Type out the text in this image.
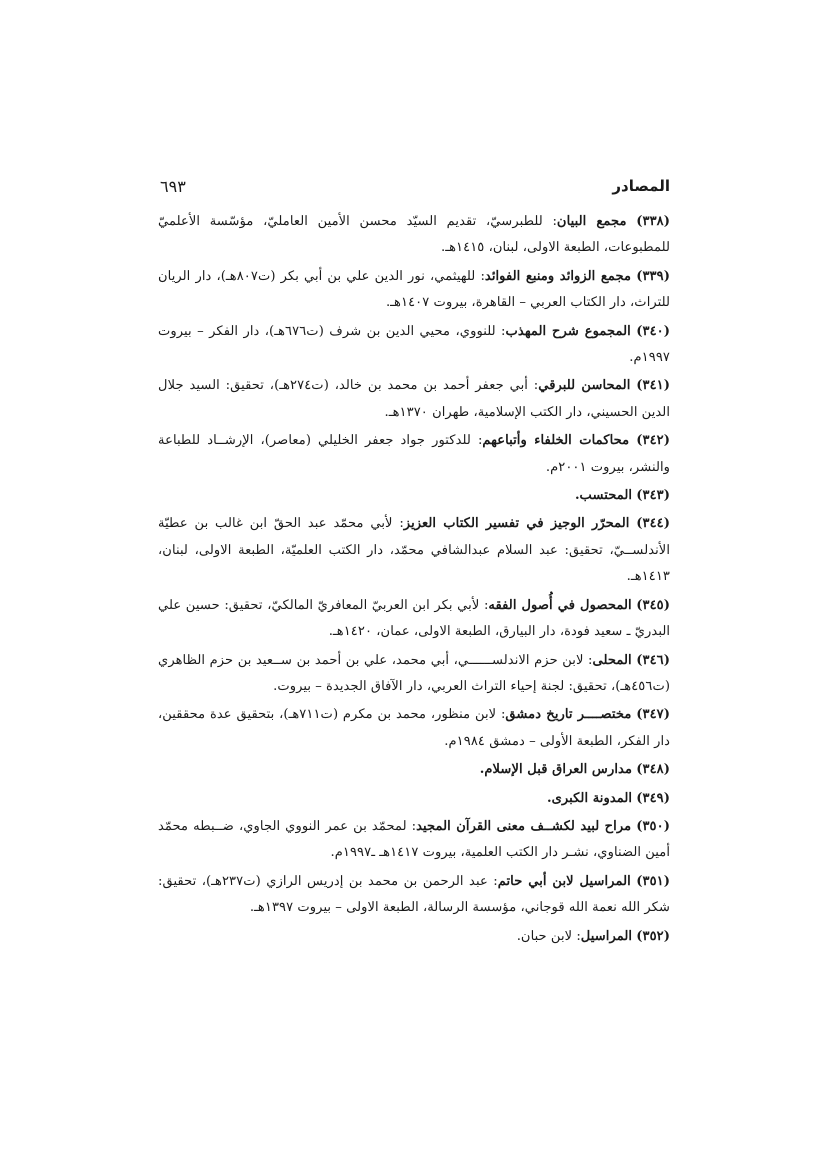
المصادر
٦٩٣

(٣٣٨) مجمع البيان: للطبرسيّ، تقديم السيّد محسن الأمين العامليّ، مؤسّسة الأعلميّ للمطبوعات، الطبعة الاولى، لبنان، ١٤١٥هـ.

(٣٣٩) مجمع الزوائد ومنبع الفوائد: للهيثمي، نور الدين علي بن أبي بكر (ت٨٠٧هـ)، دار الريان للتراث، دار الكتاب العربي – القاهرة، بيروت ١٤٠٧هـ.

(٣٤٠) المجموع شرح المهذب: للنووي، محيي الدين بن شرف (ت٦٧٦هـ)، دار الفكر – بيروت ١٩٩٧م.

(٣٤١) المحاسن للبرقي: أبي جعفر أحمد بن محمد بن خالد، (ت٢٧٤هـ)، تحقيق: السيد جلال الدين الحسيني، دار الكتب الإسلامية، طهران ١٣٧٠هـ.

(٣٤٢) محاكمات الخلفاء وأتباعهم: للدكتور جواد جعفر الخليلي (معاصر)، الإرشــاد للطباعة والنشر، بيروت ٢٠٠١م.

(٣٤٣) المحتسب.

(٣٤٤) المحرّر الوجيز في تفسير الكتاب العزيز: لأبي محمّد عبد الحقّ ابن غالب بن عطيّة الأندلســيّ، تحقيق: عبد السلام عبدالشافي محمّد، دار الكتب العلميّة، الطبعة الاولى، لبنان، ١٤١٣هـ.

(٣٤٥) المحصول في أُصول الفقه: لأبي بكر ابن العربيّ المعافريّ المالكيّ، تحقيق: حسين علي البدريّ ـ سعيد فودة، دار البيارق، الطبعة الاولى، عمان، ١٤٢٠هـ.

(٣٤٦) المحلى: لابن حزم الاندلســــــي، أبي محمد، علي بن أحمد بن ســعيد بن حزم الظاهري (ت٤٥٦هـ)، تحقيق: لجنة إحياء التراث العربي، دار الآفاق الجديدة – بيروت.

(٣٤٧) مختصــــر تاريخ دمشق: لابن منظور، محمد بن مكرم (ت٧١١هـ)، بتحقيق عدة محققين، دار الفكر، الطبعة الأولى – دمشق ١٩٨٤م.

(٣٤٨) مدارس العراق قبل الإسلام.

(٣٤٩) المدونة الكبرى.

(٣٥٠) مراح لبيد لكشــف معنى القرآن المجيد: لمحمّد بن عمر النووي الجاوي، ضــبطه محمّد أمين الضناوي، نشـر دار الكتب العلمية، بيروت ١٤١٧هـ ـ١٩٩٧م.

(٣٥١) المراسيل لابن أبي حاتم: عبد الرحمن بن محمد بن إدريس الرازي (ت٢٣٧هـ)، تحقيق: شكر الله نعمة الله قوجاني، مؤسسة الرسالة، الطبعة الاولى – بيروت ١٣٩٧هـ.

(٣٥٢) المراسيل: لابن حبان.
